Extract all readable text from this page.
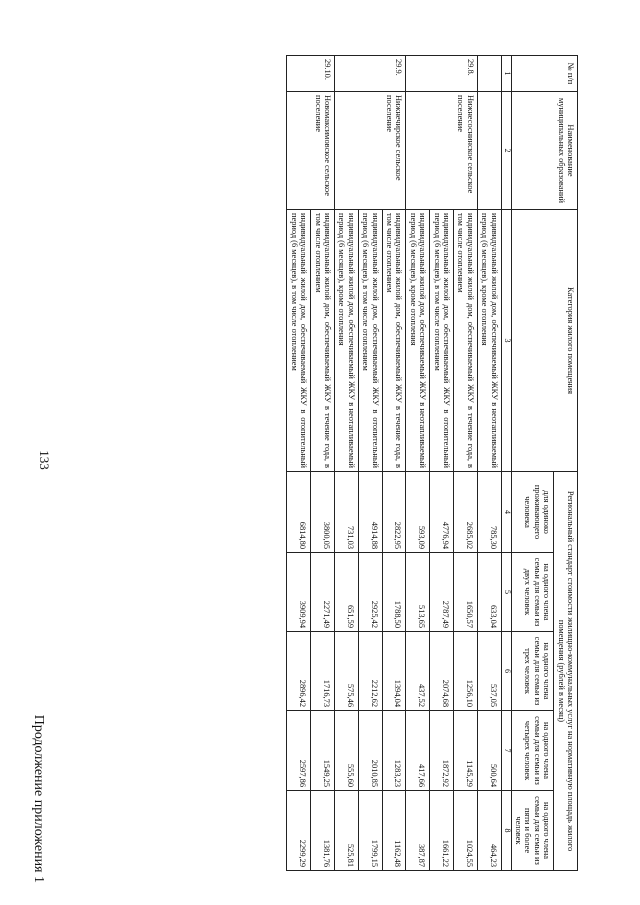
133
Продолжение приложения 1
№ п/п	Наименование муниципальных образований	Категория жилого помещения	Региональный стандарт стоимости жилищно-коммунальных услуг на нормативную площадь жилого помещения (рублей в месяц)				
			для одиноко проживающего человека	на одного члена семьи для семьи из двух человек	на одного члена семьи для семьи из трех человек	на одного члена семьи для семьи из четырех человек	на одного члена семьи для семьи из пяти и более человек
1	2	3	4	5	6	7	8
		индивидуальный жилой дом, обеспечиваемый ЖКУ в неотапливаемый период (6 месяцев), кроме отопления	785,30	633,04	537,05	500,64	464,23
29.8.	Нижнесоснинское сельское поселение	индивидуальный жилой дом, обеспечиваемый ЖКУ в течение года, в том числе отоплением	2685,02	1650,57	1256,10	1145,29	1024,55
		индивидуальный жилой дом, обеспечиваемый ЖКУ в отопительный период (6 месяцев), в том числе отоплением	4776,94	2787,49	2074,68	1872,92	1661,22
		индивидуальный жилой дом, обеспечиваемый ЖКУ в неотапливаемый период (6 месяцев), кроме отопления	593,09	513,65	437,52	417,66	387,87
29.9.	Нижнечирское сельское поселение	индивидуальный жилой дом, обеспечиваемый ЖКУ в течение года, в том числе отоплением	2822,95	1788,50	1394,04	1283,23	1162,48
		индивидуальный жилой дом, обеспечиваемый ЖКУ в отопительный период (6 месяцев), в том числе отоплением	4914,88	2925,42	2212,62	2010,85	1799,15
		индивидуальный жилой дом, обеспечиваемый ЖКУ в неотапливаемый период (6 месяцев), кроме отопления	731,03	651,59	575,46	555,60	525,81
29.10.	Новомаксимовское сельское поселение	индивидуальный жилой дом, обеспечиваемый ЖКУ в течение года, в том числе отоплением	3800,05	2271,49	1716,73	1549,25	1381,76
		индивидуальный жилой дом, обеспечиваемый ЖКУ в отопительный период (6 месяцев), в том числе отоплением	6814,80	3909,94	2896,42	2597,86	2299,29
